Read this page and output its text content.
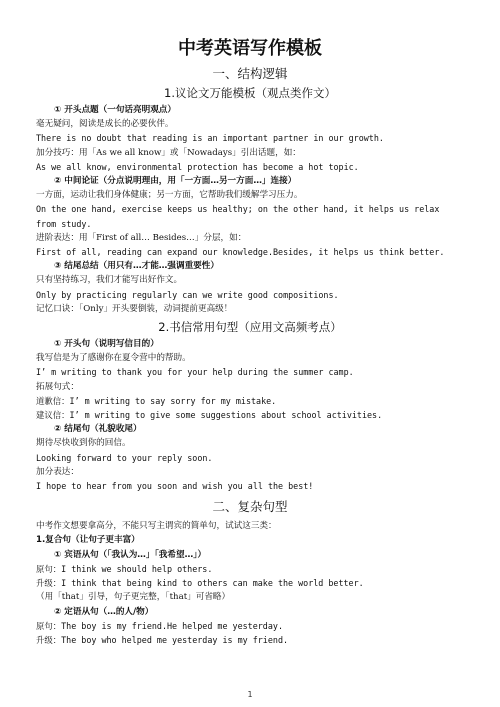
中考英语写作模板
一、结构逻辑
1.议论文万能模板（观点类作文）
① 开头点题（一句话亮明观点）
毫无疑问，阅读是成长的必要伙伴。
There is no doubt that reading is an important partner in our growth.
加分技巧：用「As we all know」或「Nowadays」引出话题，如：
As we all know, environmental protection has become a hot topic.
② 中间论证（分点说明理由，用「一方面…另一方面…」连接）
一方面，运动让我们身体健康；另一方面，它帮助我们缓解学习压力。
On the one hand, exercise keeps us healthy; on the other hand, it helps us relax from study.
进阶表达：用「First of all… Besides…」分层，如：
First of all, reading can expand our knowledge.Besides, it helps us think better.
③ 结尾总结（用只有…才能…强调重要性）
只有坚持练习，我们才能写出好作文。
Only by practicing regularly can we write good compositions.
记忆口诀：「Only」开头要倒装，动词提前更高级！
2.书信常用句型（应用文高频考点）
① 开头句（说明写信目的）
我写信是为了感谢你在夏令营中的帮助。
I’ m writing to thank you for your help during the summer camp.
拓展句式：
道歉信：I’ m writing to say sorry for my mistake.
建议信：I’ m writing to give some suggestions about school activities.
② 结尾句（礼貌收尾）
期待尽快收到你的回信。
Looking forward to your reply soon.
加分表达：
I hope to hear from you soon and wish you all the best!
二、复杂句型
中考作文想要拿高分，不能只写主谓宾的简单句，试试这三类：
1.复合句（让句子更丰富）
① 宾语从句（「我认为…」「我希望…」）
原句：I think we should help others.
升级：I think that being kind to others can make the world better.
（用「that」引导，句子更完整，「that」可省略）
② 定语从句（…的人/物）
原句：The boy is my friend.He helped me yesterday.
升级：The boy who helped me yesterday is my friend.
1
